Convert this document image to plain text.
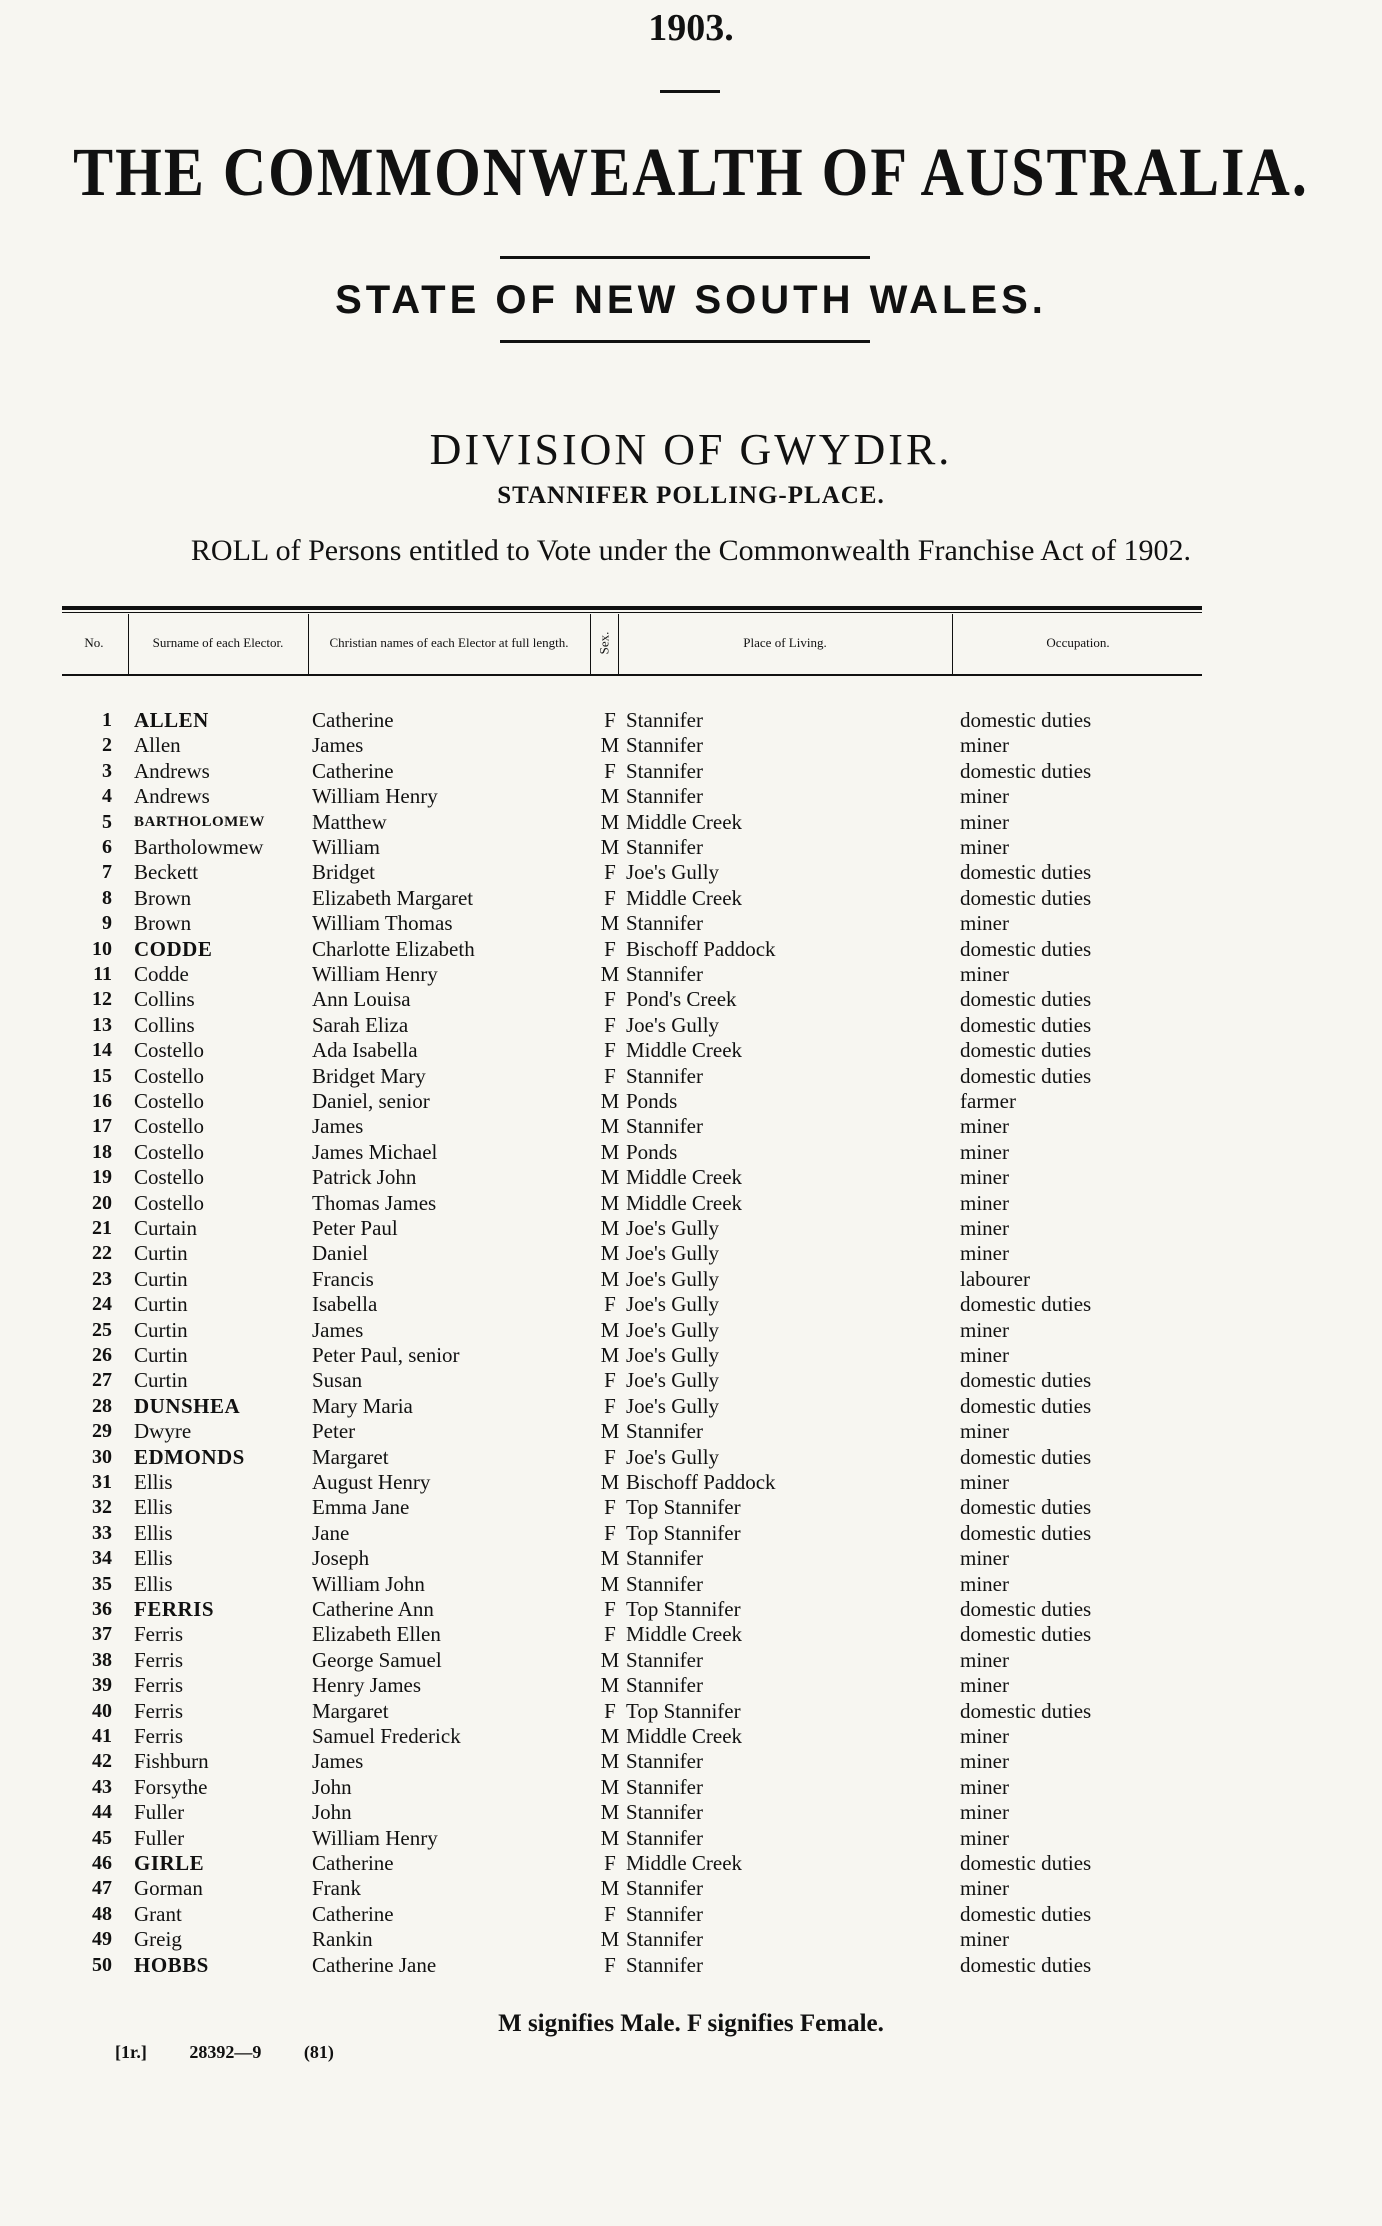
1903.
THE COMMONWEALTH OF AUSTRALIA.
STATE OF NEW SOUTH WALES.
DIVISION OF GWYDIR.
STANNIFER POLLING-PLACE.
ROLL of Persons entitled to Vote under the Commonwealth Franchise Act of 1902.
No.	Surname of each Elector.	Christian names of each Elector at full length.	Sex.	Place of Living.	Occupation.
1 ALLEN	Catherine	F Stannifer	domestic duties
2 Allen	James	M Stannifer	miner
3 Andrews	Catherine	F Stannifer	domestic duties
4 Andrews	William Henry	M Stannifer	miner
5 BARTHOLOMEW	Matthew	M Middle Creek	miner
6 Bartholowmew	William	M Stannifer	miner
7 Beckett	Bridget	F Joe's Gully	domestic duties
8 Brown	Elizabeth Margaret	F Middle Creek	domestic duties
9 Brown	William Thomas	M Stannifer	miner
10 CODDE	Charlotte Elizabeth	F Bischoff Paddock	domestic duties
11 Codde	William Henry	M Stannifer	miner
12 Collins	Ann Louisa	F Pond's Creek	domestic duties
13 Collins	Sarah Eliza	F Joe's Gully	domestic duties
14 Costello	Ada Isabella	F Middle Creek	domestic duties
15 Costello	Bridget Mary	F Stannifer	domestic duties
16 Costello	Daniel, senior	M Ponds	farmer
17 Costello	James	M Stannifer	miner
18 Costello	James Michael	M Ponds	miner
19 Costello	Patrick John	M Middle Creek	miner
20 Costello	Thomas James	M Middle Creek	miner
21 Curtain	Peter Paul	M Joe's Gully	miner
22 Curtin	Daniel	M Joe's Gully	miner
23 Curtin	Francis	M Joe's Gully	labourer
24 Curtin	Isabella	F Joe's Gully	domestic duties
25 Curtin	James	M Joe's Gully	miner
26 Curtin	Peter Paul, senior	M Joe's Gully	miner
27 Curtin	Susan	F Joe's Gully	domestic duties
28 DUNSHEA	Mary Maria	F Joe's Gully	domestic duties
29 Dwyre	Peter	M Stannifer	miner
30 EDMONDS	Margaret	F Joe's Gully	domestic duties
31 Ellis	August Henry	M Bischoff Paddock	miner
32 Ellis	Emma Jane	F Top Stannifer	domestic duties
33 Ellis	Jane	F Top Stannifer	domestic duties
34 Ellis	Joseph	M Stannifer	miner
35 Ellis	William John	M Stannifer	miner
36 FERRIS	Catherine Ann	F Top Stannifer	domestic duties
37 Ferris	Elizabeth Ellen	F Middle Creek	domestic duties
38 Ferris	George Samuel	M Stannifer	miner
39 Ferris	Henry James	M Stannifer	miner
40 Ferris	Margaret	F Top Stannifer	domestic duties
41 Ferris	Samuel Frederick	M Middle Creek	miner
42 Fishburn	James	M Stannifer	miner
43 Forsythe	John	M Stannifer	miner
44 Fuller	John	M Stannifer	miner
45 Fuller	William Henry	M Stannifer	miner
46 GIRLE	Catherine	F Middle Creek	domestic duties
47 Gorman	Frank	M Stannifer	miner
48 Grant	Catherine	F Stannifer	domestic duties
49 Greig	Rankin	M Stannifer	miner
50 HOBBS	Catherine Jane	F Stannifer	domestic duties
M signifies Male. F signifies Female.
[1r.] 28392—9 (81)
